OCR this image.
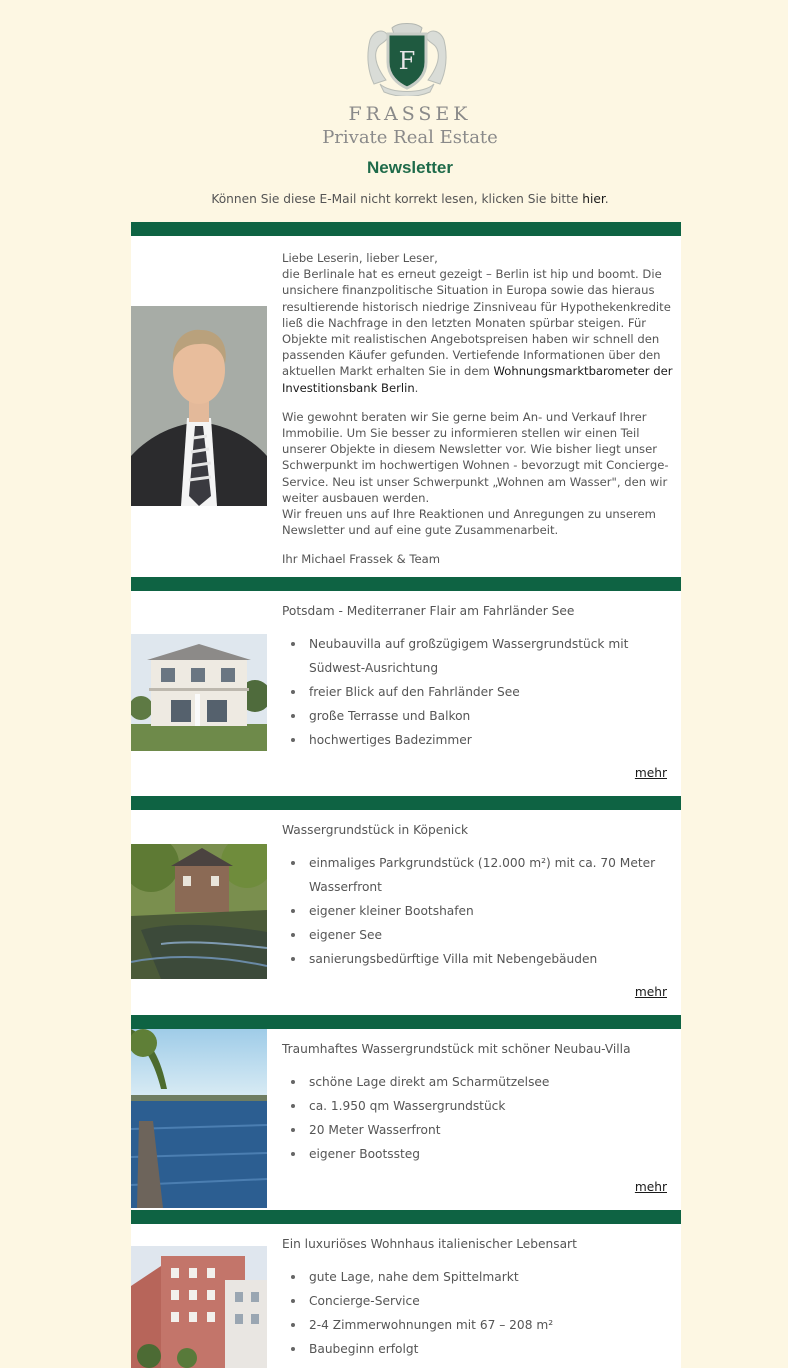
F
FRASSEK
Private Real Estate
Newsletter
Können Sie diese E-Mail nicht korrekt lesen, klicken Sie bitte hier.

Liebe Leserin, lieber Leser,

die Berlinale hat es erneut gezeigt – Berlin ist hip und boomt. Die unsichere finanzpolitische Situation in Europa sowie das hieraus resultierende historisch niedrige Zinsniveau für Hypothekenkredite ließ die Nachfrage in den letzten Monaten spürbar steigen. Für Objekte mit realistischen Angebotspreisen haben wir schnell den passenden Käufer gefunden. Vertiefende Informationen über den aktuellen Markt erhalten Sie in dem Wohnungsmarktbarometer der Investitionsbank Berlin.

Wie gewohnt beraten wir Sie gerne beim An- und Verkauf Ihrer Immobilie. Um Sie besser zu informieren stellen wir einen Teil unserer Objekte in diesem Newsletter vor. Wie bisher liegt unser Schwerpunkt im hochwertigen Wohnen - bevorzugt mit Concierge-Service. Neu ist unser Schwerpunkt „Wohnen am Wasser", den wir weiter ausbauen werden.

Wir freuen uns auf Ihre Reaktionen und Anregungen zu unserem Newsletter und auf eine gute Zusammenarbeit.

Ihr Michael Frassek & Team

Potsdam - Mediterraner Flair am Fahrländer See
Neubauvilla auf großzügigem Wassergrundstück mit Südwest-Ausrichtung
freier Blick auf den Fahrländer See
große Terrasse und Balkon
hochwertiges Badezimmer
mehr
Wassergrundstück in Köpenick
einmaliges Parkgrundstück (12.000 m²) mit ca. 70 Meter Wasserfront
eigener kleiner Bootshafen
eigener See
sanierungsbedürftige Villa mit Nebengebäuden
mehr
Traumhaftes Wassergrundstück mit schöner Neubau-Villa
schöne Lage direkt am Scharmützelsee
ca. 1.950 qm Wassergrundstück
20 Meter Wasserfront
eigener Bootssteg
mehr
Ein luxuriöses Wohnhaus italienischer Lebensart
gute Lage, nahe dem Spittelmarkt
Concierge-Service
2-4 Zimmerwohnungen mit 67 – 208 m²
Baubeginn erfolgt
